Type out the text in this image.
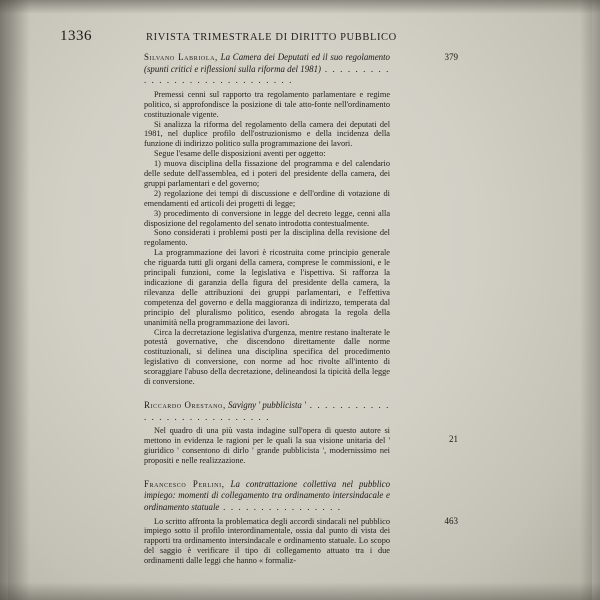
1336	RIVISTA TRIMESTRALE DI DIRITTO PUBBLICO
Silvano Labriola, La Camera dei Deputati ed il suo regolamento (spunti critici e riflessioni sulla riforma del 1981) . . . . . . . . . . . . . . . . . . . . . . . . . . . . .

Premessi cenni sul rapporto tra regolamento parlamentare e regime politico, si approfondisce la posizione di tale atto-fonte nell'ordinamento costituzionale vigente.

Si analizza la riforma del regolamento della camera dei deputati del 1981, nel duplice profilo dell'ostruzionismo e della incidenza della funzione di indirizzo politico sulla programmazione dei lavori.

Segue l'esame delle disposizioni aventi per oggetto:

1) muova disciplina della fissazione del programma e del calendario delle sedute dell'assemblea, ed i poteri del presidente della camera, dei gruppi parlamentari e del governo;

2) regolazione dei tempi di discussione e dell'ordine di votazione di emendamenti ed articoli dei progetti di legge;

3) procedimento di conversione in legge del decreto legge, cenni alla disposizione del regolamento del senato introdotta contestualmente.

Sono considerati i problemi posti per la disciplina della revisione del regolamento.

La programmazione dei lavori è ricostruita come principio generale che riguarda tutti gli organi della camera, comprese le commissioni, e le principali funzioni, come la legislativa e l'ispettiva. Si rafforza la indicazione di garanzia della figura del presidente della camera, la rilevanza delle attribuzioni dei gruppi parlamentari, e l'effettiva competenza del governo e della maggioranza di indirizzo, temperata dal principio del pluralismo politico, esendo abrogata la regola della unanimità nella programmazione dei lavori.

Circa la decretazione legislativa d'urgenza, mentre restano inalterate le potestà governative, che discendono direttamente dalle norme costituzionali, si delinea una disciplina specifica del procedimento legislativo di conversione, con norme ad hoc rivolte all'intento di scoraggiare l'abuso della decretazione, delineandosi la tipicità della legge di conversione.

Riccardo Orestano, Savigny ' pubblicista ' . . . . . . . . . . . . . . . . . . . . . . . . . . . .

Nel quadro di una più vasta indagine sull'opera di questo autore si mettono in evidenza le ragioni per le quali la sua visione unitaria del ' giuridico ' consentono di dirlo ' grande pubblicista ', modernissimo nei propositi e nelle realizzazione.

Francesco Perlini, La contrattazione collettiva nel pubblico impiego: momenti di collegamento tra ordinamento intersindacale e ordinamento statuale . . . . . . . . . . . . . . . .

Lo scritto affronta la problematica degli accordi sindacali nel pubblico impiego sotto il profilo interordinamentale, ossia dal punto di vista dei rapporti tra ordinamento intersindacale e ordinamento statuale. Lo scopo del saggio è verificare il tipo di collegamento attuato tra i due ordinamenti dalle leggi che hanno « formaliz-

379
21
463
